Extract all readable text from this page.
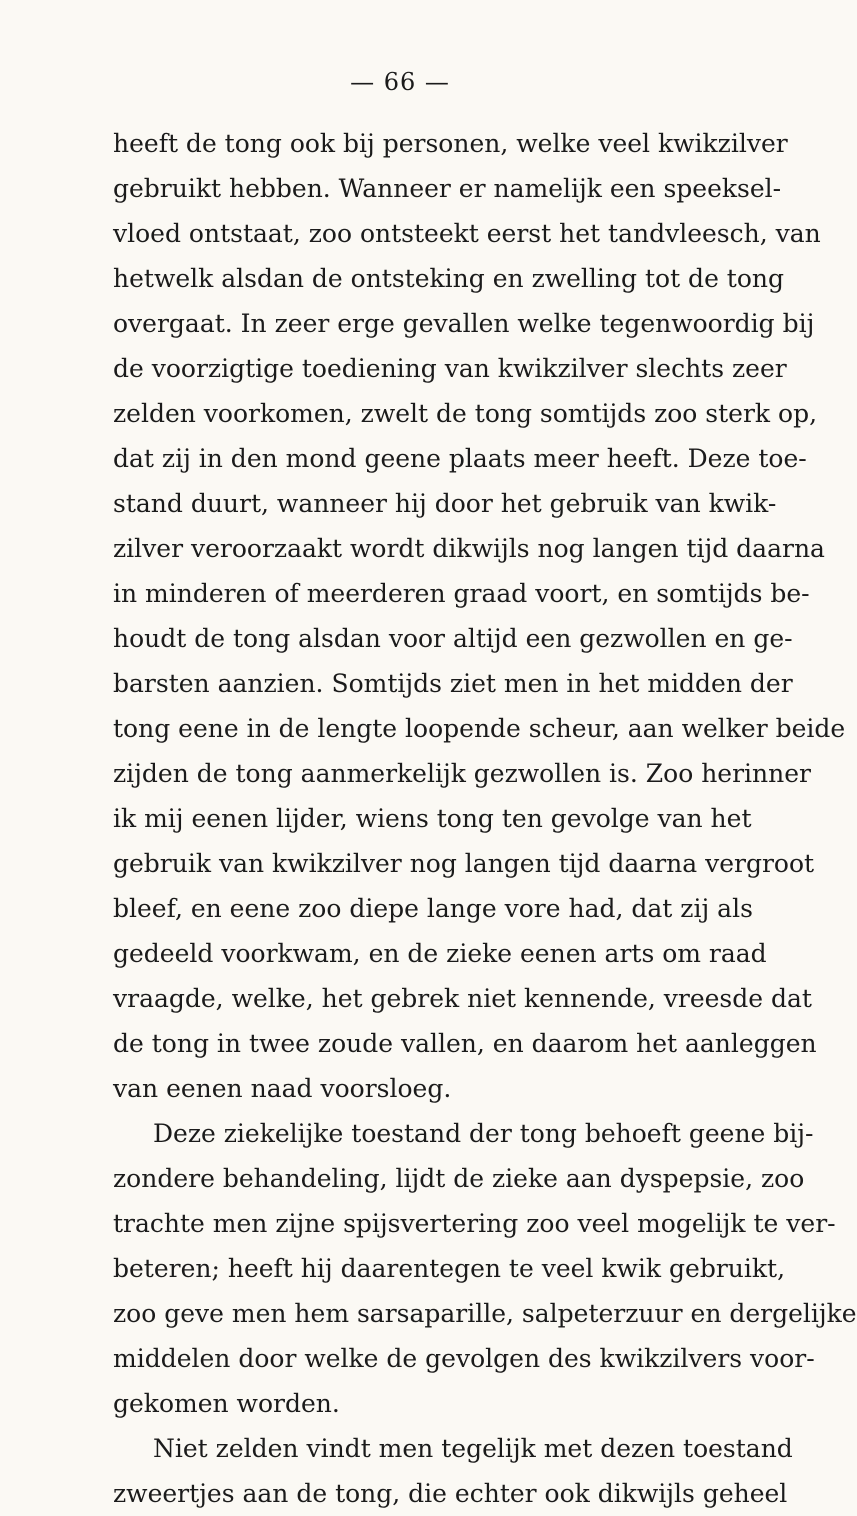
— 66 —
heeft de tong ook bij personen, welke veel kwikzilver
gebruikt hebben. Wanneer er namelijk een speeksel-
vloed ontstaat, zoo ontsteekt eerst het tandvleesch, van
hetwelk alsdan de ontsteking en zwelling tot de tong
overgaat. In zeer erge gevallen welke tegenwoordig bij
de voorzigtige toediening van kwikzilver slechts zeer
zelden voorkomen, zwelt de tong somtijds zoo sterk op,
dat zij in den mond geene plaats meer heeft. Deze toe-
stand duurt, wanneer hij door het gebruik van kwik-
zilver veroorzaakt wordt dikwijls nog langen tijd daarna
in minderen of meerderen graad voort, en somtijds be-
houdt de tong alsdan voor altijd een gezwollen en ge-
barsten aanzien. Somtijds ziet men in het midden der
tong eene in de lengte loopende scheur, aan welker beide
zijden de tong aanmerkelijk gezwollen is. Zoo herinner
ik mij eenen lijder, wiens tong ten gevolge van het
gebruik van kwikzilver nog langen tijd daarna vergroot
bleef, en eene zoo diepe lange vore had, dat zij als
gedeeld voorkwam, en de zieke eenen arts om raad
vraagde, welke, het gebrek niet kennende, vreesde dat
de tong in twee zoude vallen, en daarom het aanleggen
van eenen naad voorsloeg.
Deze ziekelijke toestand der tong behoeft geene bij-
zondere behandeling, lijdt de zieke aan dyspepsie, zoo
trachte men zijne spijsvertering zoo veel mogelijk te ver-
beteren; heeft hij daarentegen te veel kwik gebruikt,
zoo geve men hem sarsaparille, salpeterzuur en dergelijke
middelen door welke de gevolgen des kwikzilvers voor-
gekomen worden.
Niet zelden vindt men tegelijk met dezen toestand
zweertjes aan de tong, die echter ook dikwijls geheel
